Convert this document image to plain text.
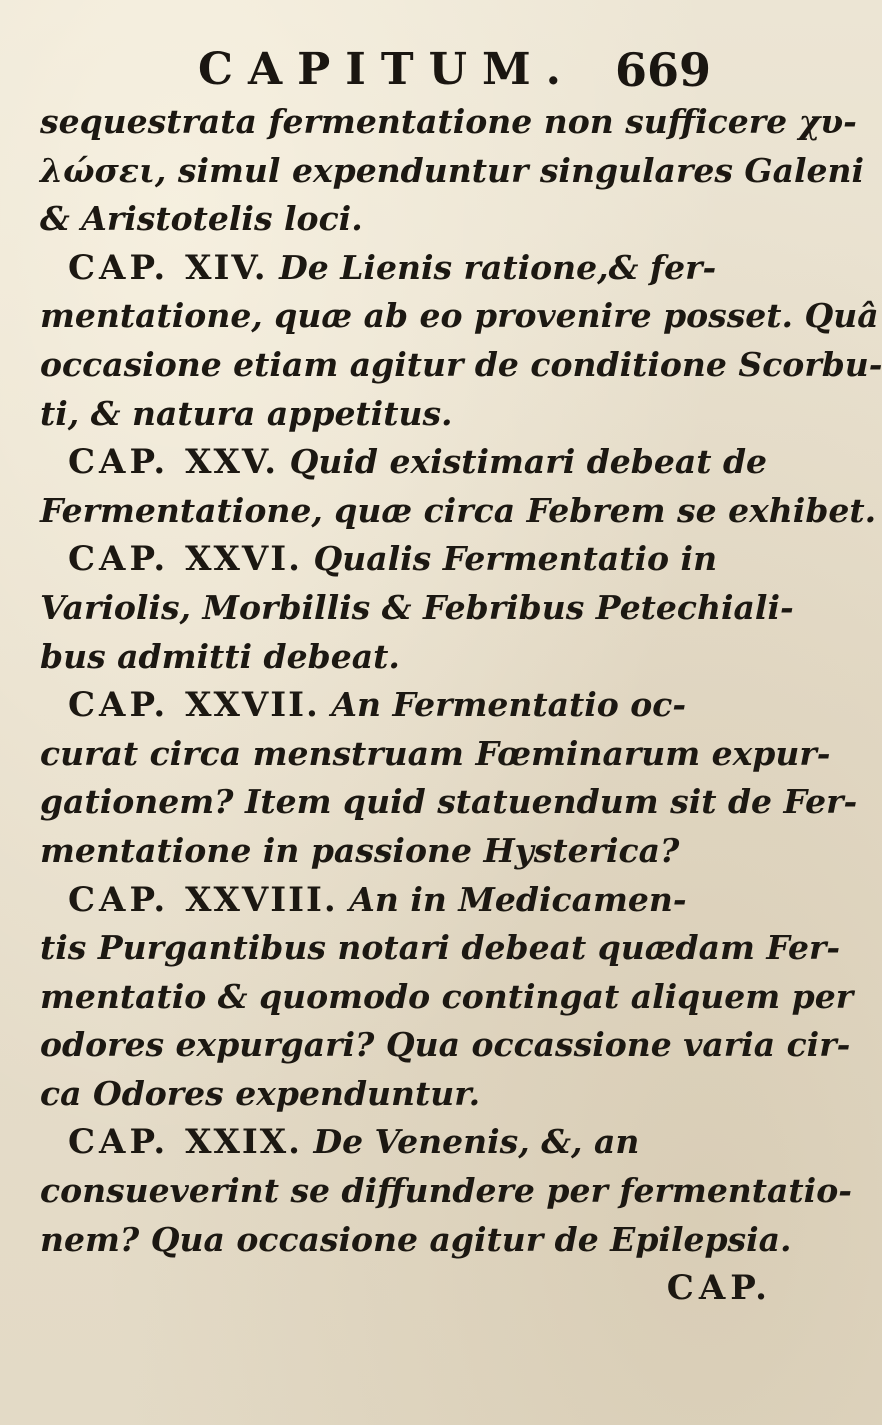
CAPITUM. 669
sequestrata fermentatione non sufficere χυ-
λώσει, simul expenduntur singulares Galeni
& Aristotelis loci.
CAP. XIV. De Lienis ratione,& fer-
mentatione, quæ ab eo provenire posset. Quâ
occasione etiam agitur de conditione Scorbu-
ti, & natura appetitus.
CAP. XXV. Quid existimari debeat de
Fermentatione, quæ circa Febrem se exhibet.
CAP. XXVI. Qualis Fermentatio in
Variolis, Morbillis & Febribus Petechiali-
bus admitti debeat.
CAP. XXVII. An Fermentatio oc-
curat circa menstruam Fœminarum expur-
gationem? Item quid statuendum sit de Fer-
mentatione in passione Hysterica?
CAP. XXVIII. An in Medicamen-
tis Purgantibus notari debeat quædam Fer-
mentatio & quomodo contingat aliquem per
odores expurgari? Qua occassione varia cir-
ca Odores expenduntur.
CAP. XXIX. De Venenis, &, an
consueverint se diffundere per fermentatio-
nem? Qua occasione agitur de Epilepsia.
CAP.
